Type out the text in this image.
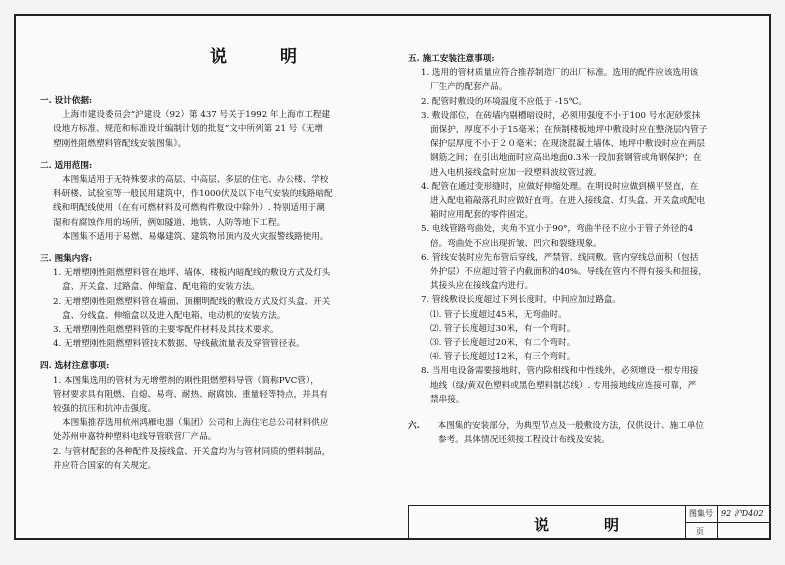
说　明

一. 设计依据:

上海市建设委员会“沪建设（92）第 437 号关于1992 年上海市工程建

设地方标准、规范和标准设计编制计划的批复”文中所列第 21 号《无增

塑刚性阻燃塑料管配线安装图集》。

二. 适用范围:

本图集适用于无特殊要求的高层、中高层、多层的住宅、办公楼、学校

科研楼、试验室等一般民用建筑中，作1000伏及以下电气安装的线路暗配

线和明配线使用（在有可燃材料及可燃构件敷设中除外）. 特别适用于潮

湿和有腐蚀作用的场所，例如隧道、地铁、人防等地下工程。

本图集不适用于易燃、易爆建筑、建筑物吊顶内及火灾报警线路使用。

三. 图集内容:

1. 无增塑刚性阻燃塑料管在地坪、墙体、楼板内暗配线的敷设方式及灯头

盒、开关盒、过路盒、伸缩盒、配电箱的安装方法。

2. 无增塑刚性阻燃塑料管在墙面、顶棚明配线的敷设方式及灯头盒、开关

盒、分线盒、伸缩盒以及进入配电箱、电动机的安装方法。

3. 无增塑刚性阻燃塑料管的主要零配件材料及其技术要求。

4. 无增塑刚性阻燃塑料管技术数据、导线截流量表及穿管管径表。

四. 选材注意事项:

1. 本图集选用的管材为无增塑剂的刚性阻燃塑料导管（简称PVC管），

管材要求具有阻燃、自熄、易弯、耐热、耐腐蚀、重量轻等特点，并具有

较强的抗压和抗冲击强度。

本图集推荐选用杭州鸿雁电器（集团）公司和上海住宅总公司材料供应

处苏州申嘉特种塑料电线导管联营厂产品。

2. 与管材配套的各种配件及接线盒、开关盒均为与管材同质的塑料制品，

并应符合国家的有关规定。

五. 施工安装注意事项:

1. 选用的管材质量应符合推荐制造厂的出厂标准。选用的配件应该选用该

厂生产的配套产品。

2. 配管时敷设的环境温度不应低于 -15℃。

3. 敷设部位，在砖墙内剔槽暗设时，必须用强度不小于100 号水泥砂浆抹

面保护，厚度不小于15毫米；在预制楼板地坪中敷设时应在整浇层内管子

保护层厚度不小于２０毫米；在现浇混凝土墙体、地坪中敷设时应在两层

钢筋之间；在引出地面时应高出地面0.3米一段加套钢管或角钢保护；在

进入电机接线盒时应加一段塑料波纹管过渡。

4. 配管在通过变形缝时，应做好伸缩处理。在明设时应做到横平竖直，在

进入配电箱敲落孔时应做好直弯。在进入接线盒、灯头盒、开关盒或配电

箱时应用配套的零件固定。

5. 电线管路弯曲处，夹角不宜小于90°，弯曲半径不应小于管子外径的4

倍。弯曲处不应出现折皱、凹穴和裂缝现象。

6. 管线安装时应先布管后穿线，严禁管、线同敷。管内穿线总面积（包括

外护层）不应超过管子内截面积的40%。导线在管内不得有接头和扭接，

其接头应在接线盒内进行。

7. 管线敷设长度超过下列长度时，中间应加过路盒。

⑴. 管子长度超过45米，无弯曲时。

⑵. 管子长度超过30米，有一个弯时。

⑶. 管子长度超过20米，有二个弯时。

⑷. 管子长度超过12米，有三个弯时。

8. 当用电设备需要接地时，管内除相线和中性线外，必须增设一根专用接

地线（绿/黄双色塑料或黑色塑料制芯线）. 专用接地线应连接可靠，严

禁串接。

六. 本图集的安装部分，为典型节点及一般敷设方法，仅供设计、施工单位

参考。具体情况还须按工程设计布线及安装。

说　明
图集号
页
92 沪D402
